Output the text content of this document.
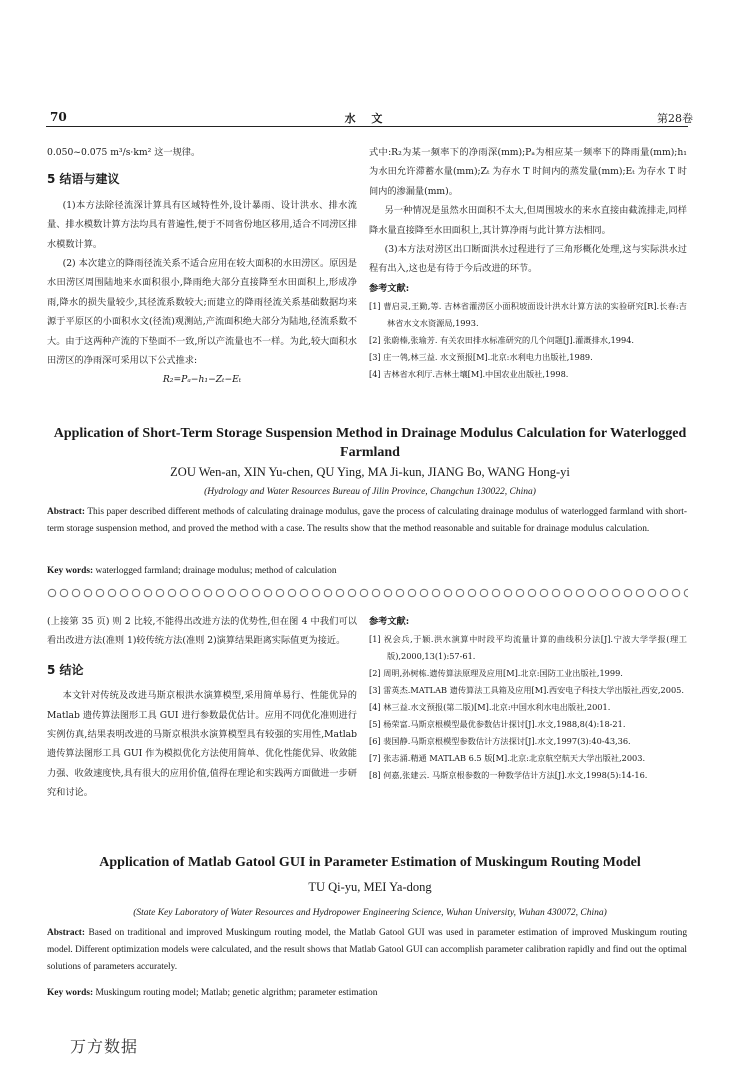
70	水 文	第28卷

0.050~0.075 m³/s·km² 这一规律。

5 结语与建议

(1)本方法除径流深计算具有区域特性外,设计暴雨、设计洪水、排水流量、排水模数计算方法均具有普遍性,便于不同省份地区移用,适合不同涝区排水模数计算。

(2) 本次建立的降雨径流关系不适合应用在较大面积的水田涝区。原因是水田涝区周围陆地来水面积很小,降雨绝大部分直接降至水田面积上,形成净雨,降水的损失量较少,其径流系数较大;而建立的降雨径流关系基础数据均来源于平原区的小面积水文(径流)观测站,产流面积绝大部分为陆地,径流系数不大。由于这两种产流的下垫面不一致,所以产流量也不一样。为此,较大面积水田涝区的净雨深可采用以下公式推求:

R₂=Pₐ−h₁−Zₜ−Eₜ

式中:R₂为某一频率下的净雨深(mm);Pₐ为相应某一频率下的降雨量(mm);h₁ 为水田允许滞蓄水量(mm);Zₜ 为存水 T 时间内的蒸发量(mm);Eₜ 为存水 T 时间内的渗漏量(mm)。

另一种情况是虽然水田面积不太大,但周围坡水的来水直接由截流排走,同样降水量直接降至水田面积上,其计算净雨与此计算方法相同。

(3)本方法对涝区出口断面洪水过程进行了三角形概化处理,这与实际洪水过程有出入,这也是有待于今后改进的环节。

参考文献:

[1] 曹启灵,王勤,等. 吉林省灌涝区小面积坡面设计洪水计算方法的实验研究[R].长春:吉林省水文水资源局,1993.

[2] 张蔚榛,张瑜芳. 有关农田排水标准研究的几个问题[J].灌溉排水,1994.

[3] 庄一鸰,林三益. 水文预报[M].北京:水利电力出版社,1989.

[4] 吉林省水利厅.吉林土壤[M].中国农业出版社,1998.

Application of Short-Term Storage Suspension Method in Drainage Modulus Calculation for Waterlogged Farmland
ZOU Wen-an, XIN Yu-chen, QU Ying, MA Ji-kun, JIANG Bo, WANG Hong-yi
(Hydrology and Water Resources Bureau of Jilin Province, Changchun 130022, China)
Abstract: This paper described different methods of calculating drainage modulus, gave the process of calculating drainage modulus of waterlogged farmland with short-term storage suspension method, and proved the method with a case. The results show that the method reasonable and suitable for drainage modulus calculation.
Key words: waterlogged farmland; drainage modulus; method of calculation

(上接第 35 页) 则 2 比较,不能得出改进方法的优势性,但在图 4 中我们可以看出改进方法(准则 1)较传统方法(准则 2)演算结果距离实际值更为接近。

5 结论

本文针对传统及改进马斯京根洪水演算模型,采用简单易行、性能优异的 Matlab 遗传算法图形工具 GUI 进行参数最优估计。应用不同优化准则进行实例仿真,结果表明改进的马斯京根洪水演算模型具有较强的实用性,Matlab 遗传算法图形工具 GUI 作为模拟优化方法使用简单、优化性能优异、收敛能力强、收敛速度快,具有很大的应用价值,值得在理论和实践两方面做进一步研究和讨论。

参考文献:

[1] 祝会兵,于颖.洪水演算中时段平均流量计算的曲线积分法[J].宁波大学学报(理工版),2000,13(1):57-61.

[2] 周明,孙树栋.遗传算法原理及应用[M].北京:国防工业出版社,1999.

[3] 雷英杰.MATLAB 遗传算法工具箱及应用[M].西安电子科技大学出版社,西安,2005.

[4] 林三益.水文预报(第二版)[M].北京:中国水利水电出版社,2001.

[5] 杨荣富.马斯京根模型最优参数估计探讨[J].水文,1988,8(4):18-21.

[6] 裴国静.马斯京根模型参数估计方法探讨[J].水文,1997(3):40-43,36.

[7] 张志涌.精通 MATLAB 6.5 版[M].北京:北京航空航天大学出版社,2003.

[8] 何嘉,张建云. 马斯京根参数的一种数学估计方法[J].水文,1998(5):14-16.

Application of Matlab Gatool GUI in Parameter Estimation of Muskingum Routing Model
TU Qi-yu, MEI Ya-dong
(State Key Laboratory of Water Resources and Hydropower Engineering Science, Wuhan University, Wuhan 430072, China)
Abstract: Based on traditional and improved Muskingum routing model, the Matlab Gatool GUI was used in parameter estimation of improved Muskingum routing model. Different optimization models were calculated, and the result shows that Matlab Gatool GUI can accomplish parameter calibration rapidly and find out the optimal solutions of parameters accurately.
Key words: Muskingum routing model; Matlab; genetic algrithm; parameter estimation
万方数据
